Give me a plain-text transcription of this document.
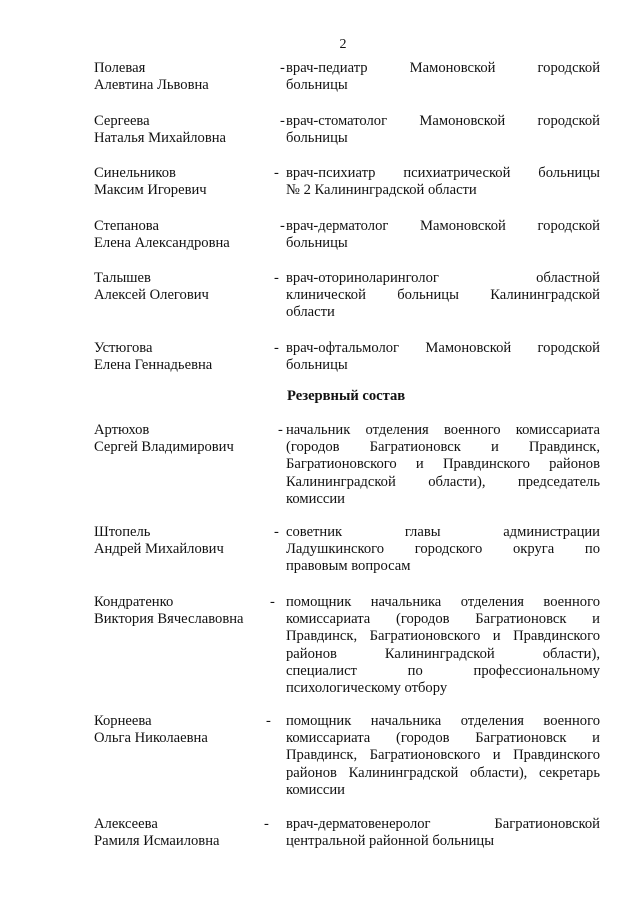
2
Полевая
Алевтина Львовна
- врач-педиатр Мамоновской городской
больницы
Сергеева
Наталья Михайловна
- врач-стоматолог Мамоновской городской
больницы
Синельников
Максим Игоревич
- врач-психиатр психиатрической больницы
№ 2 Калининградской области
Степанова
Елена Александровна
- врач-дерматолог Мамоновской городской
больницы
Талышев
Алексей Олегович
- врач-оториноларинголог областной
клинической больницы Калининградской
области
Устюгова
Елена Геннадьевна
- врач-офтальмолог Мамоновской городской
больницы
Резервный состав
Артюхов
Сергей Владимирович
- начальник отделения военного комиссариата
(городов Багратионовск и Правдинск,
Багратионовского и Правдинского районов
Калининградской области), председатель
комиссии
Штопель
Андрей Михайлович
- советник главы администрации
Ладушкинского городского округа по
правовым вопросам
Кондратенко
Виктория Вячеславовна
- помощник начальника отделения военного
комиссариата (городов Багратионовск и
Правдинск, Багратионовского и Правдинского
районов Калининградской области),
специалист по профессиональному
психологическому отбору
Корнеева
Ольга Николаевна
- помощник начальника отделения военного
комиссариата (городов Багратионовск и
Правдинск, Багратионовского и Правдинского
районов Калининградской области), секретарь
комиссии
Алексеева
Рамиля Исмаиловна
- врач-дерматовенеролог Багратионовской
центральной районной больницы
